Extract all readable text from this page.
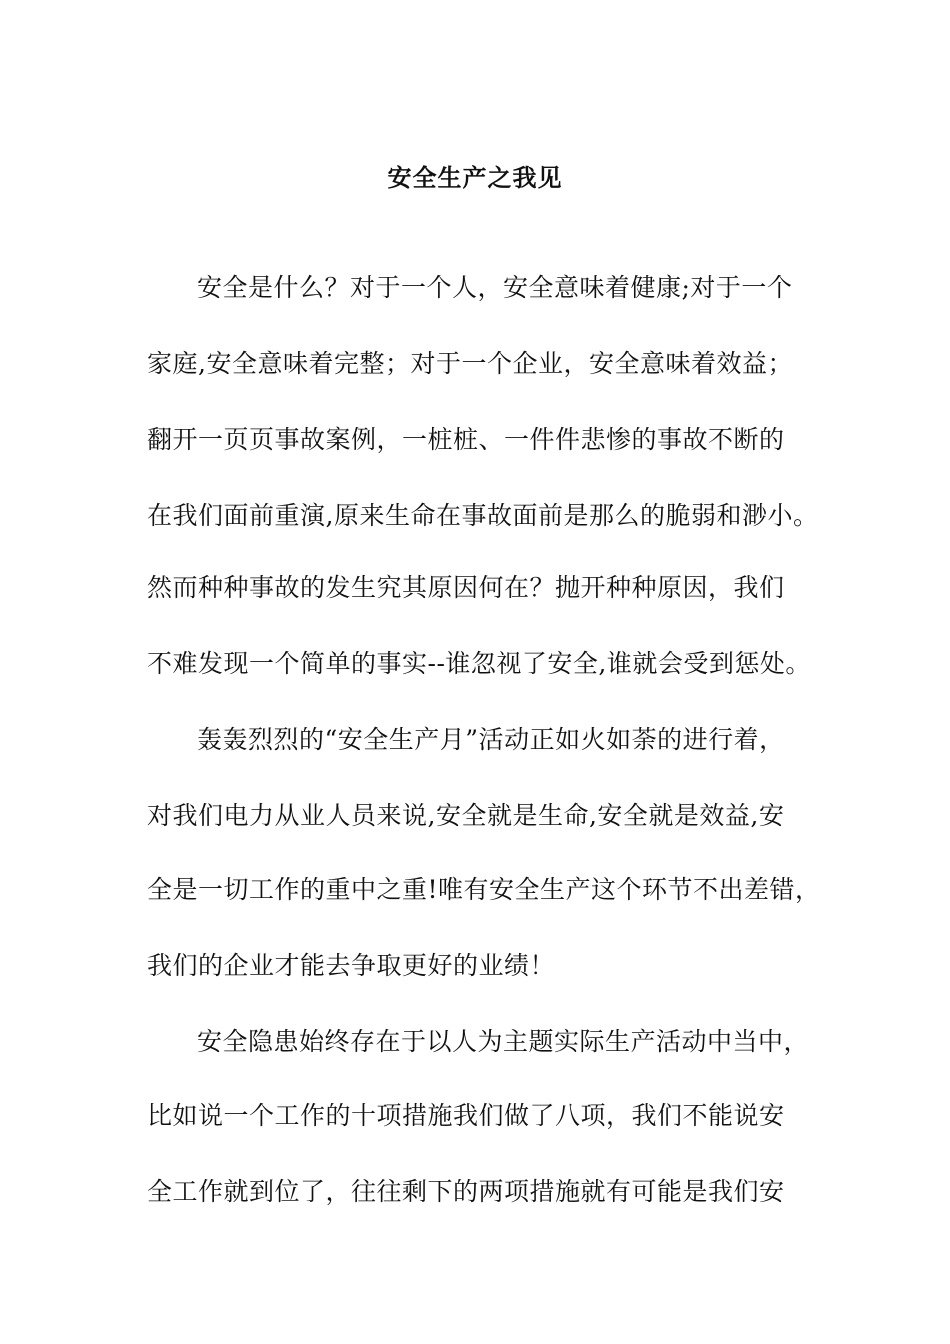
安全生产之我见
安全是什么？对于一个人，安全意味着健康;对于一个
家庭,安全意味着完整；对于一个企业，安全意味着效益；
翻开一页页事故案例，一桩桩、一件件悲惨的事故不断的
在我们面前重演,原来生命在事故面前是那么的脆弱和渺小。
然而种种事故的发生究其原因何在？抛开种种原因，我们
不难发现一个简单的事实--谁忽视了安全,谁就会受到惩处。
轰轰烈烈的“安全生产月”活动正如火如荼的进行着，
对我们电力从业人员来说,安全就是生命,安全就是效益,安
全是一切工作的重中之重!唯有安全生产这个环节不出差错，
我们的企业才能去争取更好的业绩！
安全隐患始终存在于以人为主题实际生产活动中当中，
比如说一个工作的十项措施我们做了八项，我们不能说安
全工作就到位了，往往剩下的两项措施就有可能是我们安
